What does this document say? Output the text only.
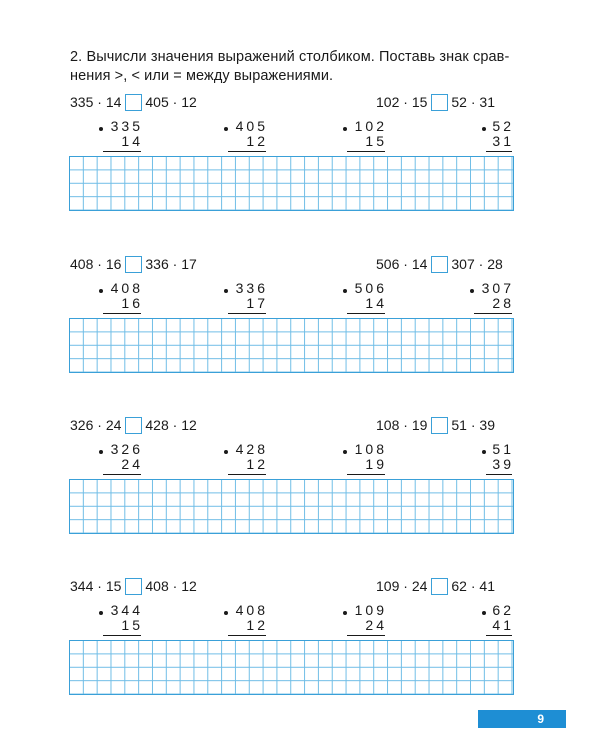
2. Вычисли значения выражений столбиком. Поставь знак срав-
нения >, < или = между выражениями.
335
·
14 405
·
12	102
·
15 52
·
31
335
14
405
12
102
15
52
31
408
·
16 336
·
17	506
·
14 307
·
28
408
16
336
17
506
14
307
28
326
·
24 428
·
12	108
·
19 51
·
39
326
24
428
12
108
19
51
39
344
·
15 408
·
12	109
·
24 62
·
41
344
15
408
12
109
24
62
41
9
